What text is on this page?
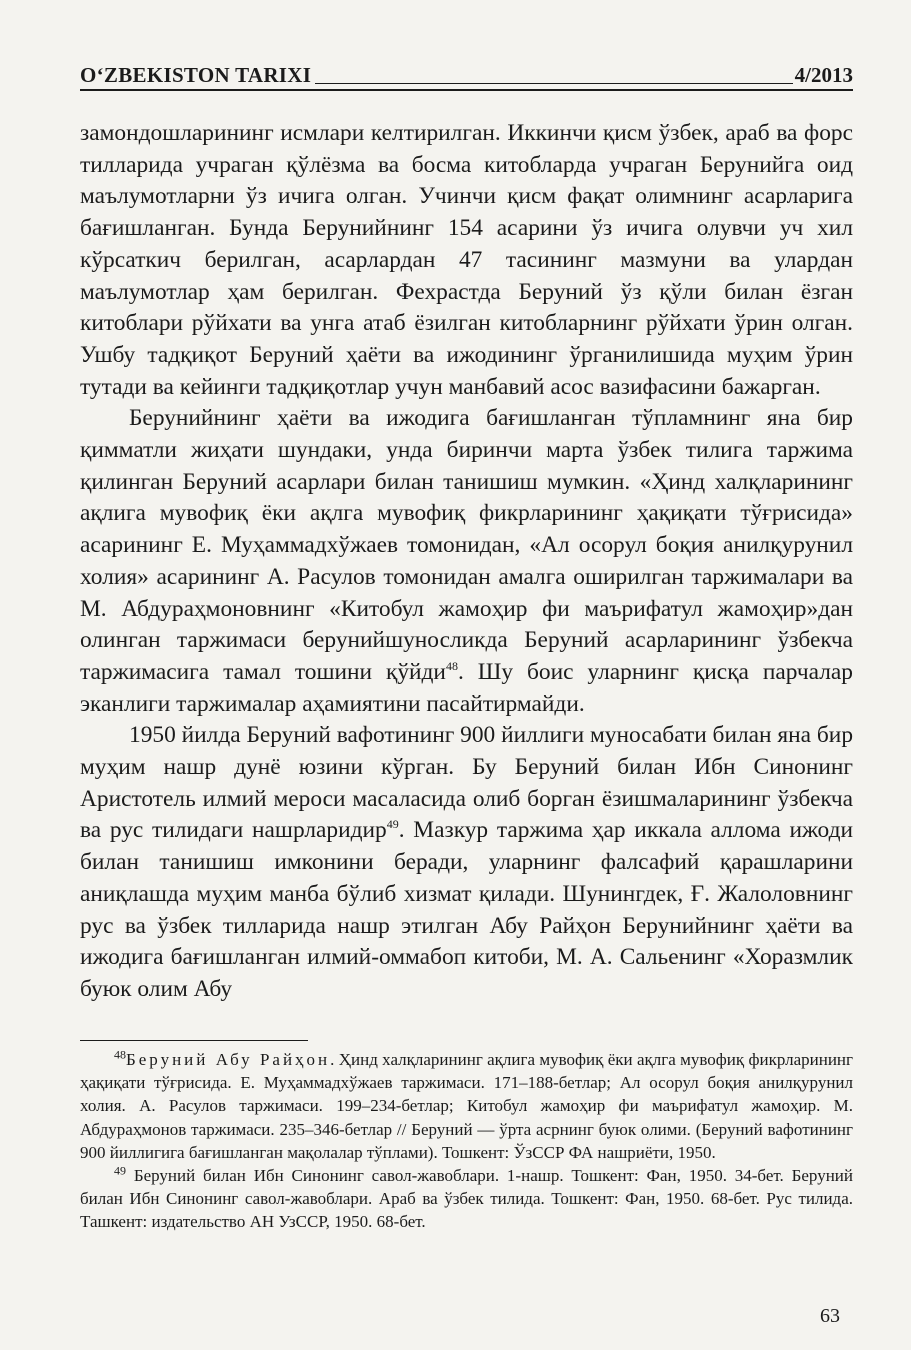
O‘ZBEKISTON TARIXI	4/2013

замондошларининг исмлари келтирилган. Иккинчи қисм ўзбек, араб ва форс тилларида учраган қўлёзма ва босма китобларда учраган Берунийга оид маълумотларни ўз ичига олган. Учинчи қисм фақат олимнинг асарларига бағишланган. Бунда Берунийнинг 154 асарини ўз ичига олувчи уч хил кўрсаткич берилган, асарлардан 47 тасининг мазмуни ва улардан маълумотлар ҳам берилган. Фехрастда Беруний ўз қўли билан ёзган китоблари рўйхати ва унга атаб ёзилган китобларнинг рўйхати ўрин олган. Ушбу тадқиқот Беруний ҳаёти ва ижодининг ўрганилишида муҳим ўрин тутади ва кейинги тадқиқотлар учун манбавий асос вазифасини бажарган.

Берунийнинг ҳаёти ва ижодига бағишланган тўпламнинг яна бир қимматли жиҳати шундаки, унда биринчи марта ўзбек тилига таржима қилинган Беруний асарлари билан танишиш мумкин. «Ҳинд халқларининг ақлига мувофиқ ёки ақлга мувофиқ фикрларининг ҳақиқати тўғрисида» асарининг Е. Муҳаммадхўжаев томонидан, «Ал осорул боқия анилқурунил холия» асарининг А. Расулов томонидан амалга оширилган таржималари ва М. Абдураҳмоновнинг «Китобул жамоҳир фи маърифатул жамоҳир»дан олинган таржимаси берунийшуносликда Беруний асарларининг ўзбекча таржимасига тамал тошини қўйди$^{48}$. Шу боис уларнинг қисқа парчалар эканлиги таржималар аҳамиятини пасайтирмайди.

1950 йилда Беруний вафотининг 900 йиллиги муносабати билан яна бир муҳим нашр дунё юзини кўрган. Бу Беруний билан Ибн Синонинг Аристотель илмий мероси масаласида олиб борган ёзишмаларининг ўзбекча ва рус тилидаги нашрларидир$^{49}$. Мазкур таржима ҳар иккала аллома ижоди билан танишиш имконини беради, уларнинг фалсафий қарашларини аниқлашда муҳим манба бўлиб хизмат қилади. Шунингдек, Ғ. Жалоловнинг рус ва ўзбек тилларида нашр этилган Абу Райҳон Берунийнинг ҳаёти ва ижодига бағишланган илмий-оммабоп китоби, М. А. Сальенинг «Хоразмлик буюк олим Абу

$^{48}$Беруний Абу Райҳон. Ҳинд халқларининг ақлига мувофиқ ёки ақлга мувофиқ фикрларининг ҳақиқати тўғрисида. Е. Муҳаммадхўжаев таржимаси. 171–188-бетлар; Ал осорул боқия анилқурунил холия. А. Расулов таржимаси. 199–234-бетлар; Китобул жамоҳир фи маърифатул жамоҳир. М. Абдураҳмонов таржимаси. 235–346-бетлар // Беруний — ўрта асрнинг буюк олими. (Беруний вафотининг 900 йиллигига бағишланган мақолалар тўплами). Тошкент: ЎзССР ФА нашриёти, 1950.

$^{49}$ Беруний билан Ибн Синонинг савол-жавоблари. 1-нашр. Тошкент: Фан, 1950. 34-бет. Беруний билан Ибн Синонинг савол-жавоблари. Араб ва ўзбек тилида. Тошкент: Фан, 1950. 68-бет. Рус тилида. Ташкент: издательство АН УзССР, 1950. 68-бет.

63
